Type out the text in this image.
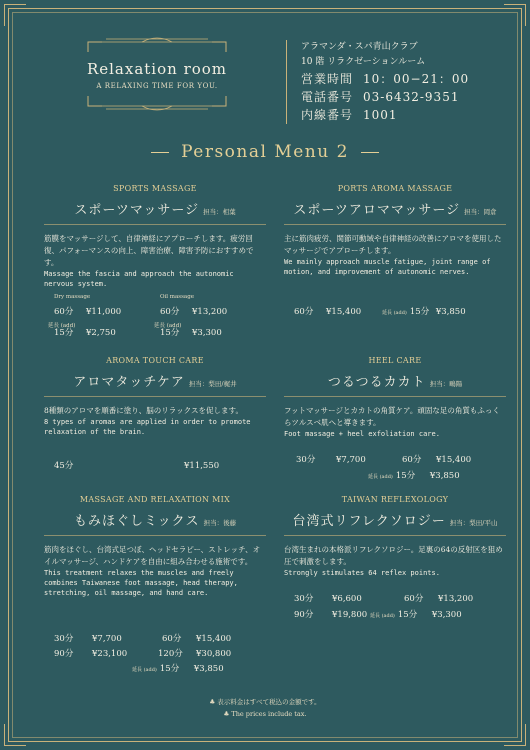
Relaxation room
A RELAXING TIME FOR YOU.
アラマンダ・スパ青山クラブ
10 階 リラクゼーションルーム
営業時間 10：00−21：00
電話番号 03-6432-9351
内線番号 1001
Personal Menu 2
SPORTS MASSAGE
スポーツマッサージ 担当：相葉
筋膜をマッサージして、自律神経にアプローチします。疲労回復、パフォーマンスの向上、障害治療、障害予防におすすめです。
Massage the fascia and approach the autonomic nervous system.
Dry massage	Oil massage
60分 ¥11,000	60分 ¥13,200
延長 (add)	延長 (add)
15分 ¥2,750	15分 ¥3,300
PORTS AROMA MASSAGE
スポーツアロママッサージ 担当：岡倉
主に筋肉疲労、関節可動域や自律神経の改善にアロマを使用したマッサージでアプローチします。
We mainly approach muscle fatigue, joint range of motion, and improvement of autonomic nerves.
60分 ¥15,400	延長 (add) 15分 ¥3,850
AROMA TOUCH CARE
アロマタッチケア 担当：梨田/梶井
8種類のアロマを順番に塗り、脳のリラックスを促します。
8 types of aromas are applied in order to promote relaxation of the brain.
45分	¥11,550
HEEL CARE
つるつるカカト 担当：鴫陽
フットマッサージとカカトの角質ケア。頑固な足の角質もふっくらツルスベ肌へと導きます。
Foot massage + heel exfoliation care.
30分 ¥7,700	60分 ¥15,400
延長 (add) 15分 ¥3,850
MASSAGE AND RELAXATION MIX
もみほぐしミックス 担当：後藤
筋肉をほぐし、台湾式足つぼ、ヘッドセラピー、ストレッチ、オイルマッサージ、ハンドケアを自由に組み合わせる施術です。
This treatment relaxes the muscles and freely combines Taiwanese foot massage, head therapy, stretching, oil massage, and hand care.
30分 ¥7,700	60分 ¥15,400
90分 ¥23,100	120分 ¥30,800
延長 (add) 15分 ¥3,850
TAIWAN REFLEXOLOGY
台湾式リフレクソロジー 担当：梨田/平山
台湾生まれの本格派リフレクソロジー。足裏の64の反射区を狙め圧で刺激をします。
Strongly stimulates 64 reflex points.
30分 ¥6,600	60分 ¥13,200
90分 ¥19,800 延長 (add) 15分 ¥3,300
♣ 表示料金はすべて税込の金額です。
♣ The prices include tax.
